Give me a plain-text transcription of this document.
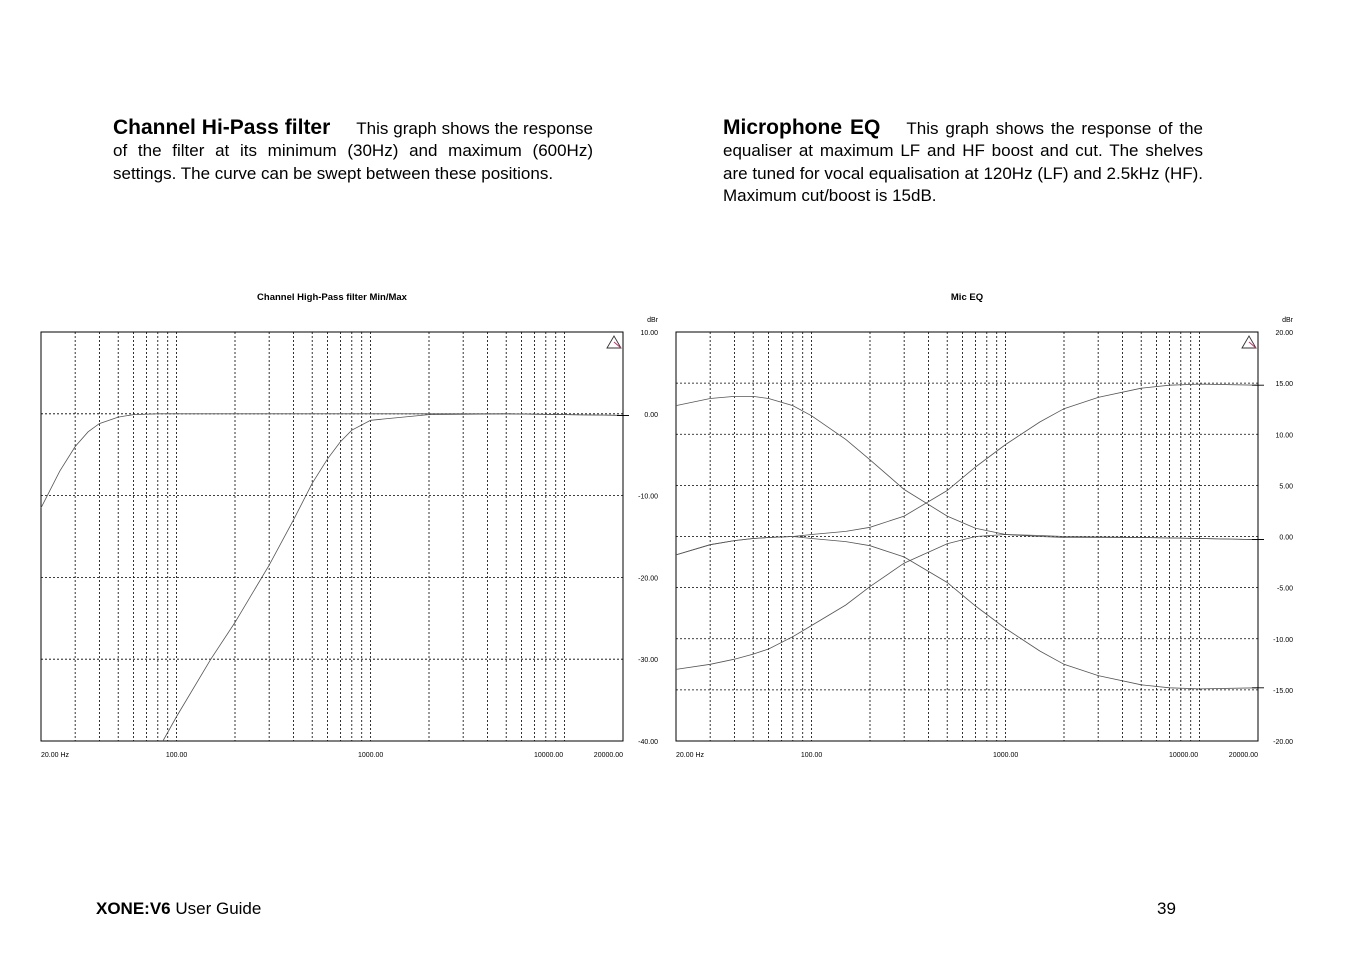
Channel Hi-Pass filter This graph shows the response of the filter at its minimum (30Hz) and maximum (600Hz) settings. The curve can be swept between these positions.
Microphone EQ This graph shows the response of the equaliser at maximum LF and HF boost and cut. The shelves are tuned for vocal equalisation at 120Hz (LF) and 2.5kHz (HF). Maximum cut/boost is 15dB.
Channel High-Pass filter Min/Max
10.00
0.00
-10.00
-20.00
-30.00
-40.00
dBr
20.00 Hz	100.00	1000.00	10000.00	20000.00
Mic EQ
20.00
15.00
10.00
5.00
0.00
-5.00
-10.00
-15.00
-20.00
dBr
20.00 Hz	100.00	1000.00	10000.00	20000.00
XONE:V6 User Guide	39
